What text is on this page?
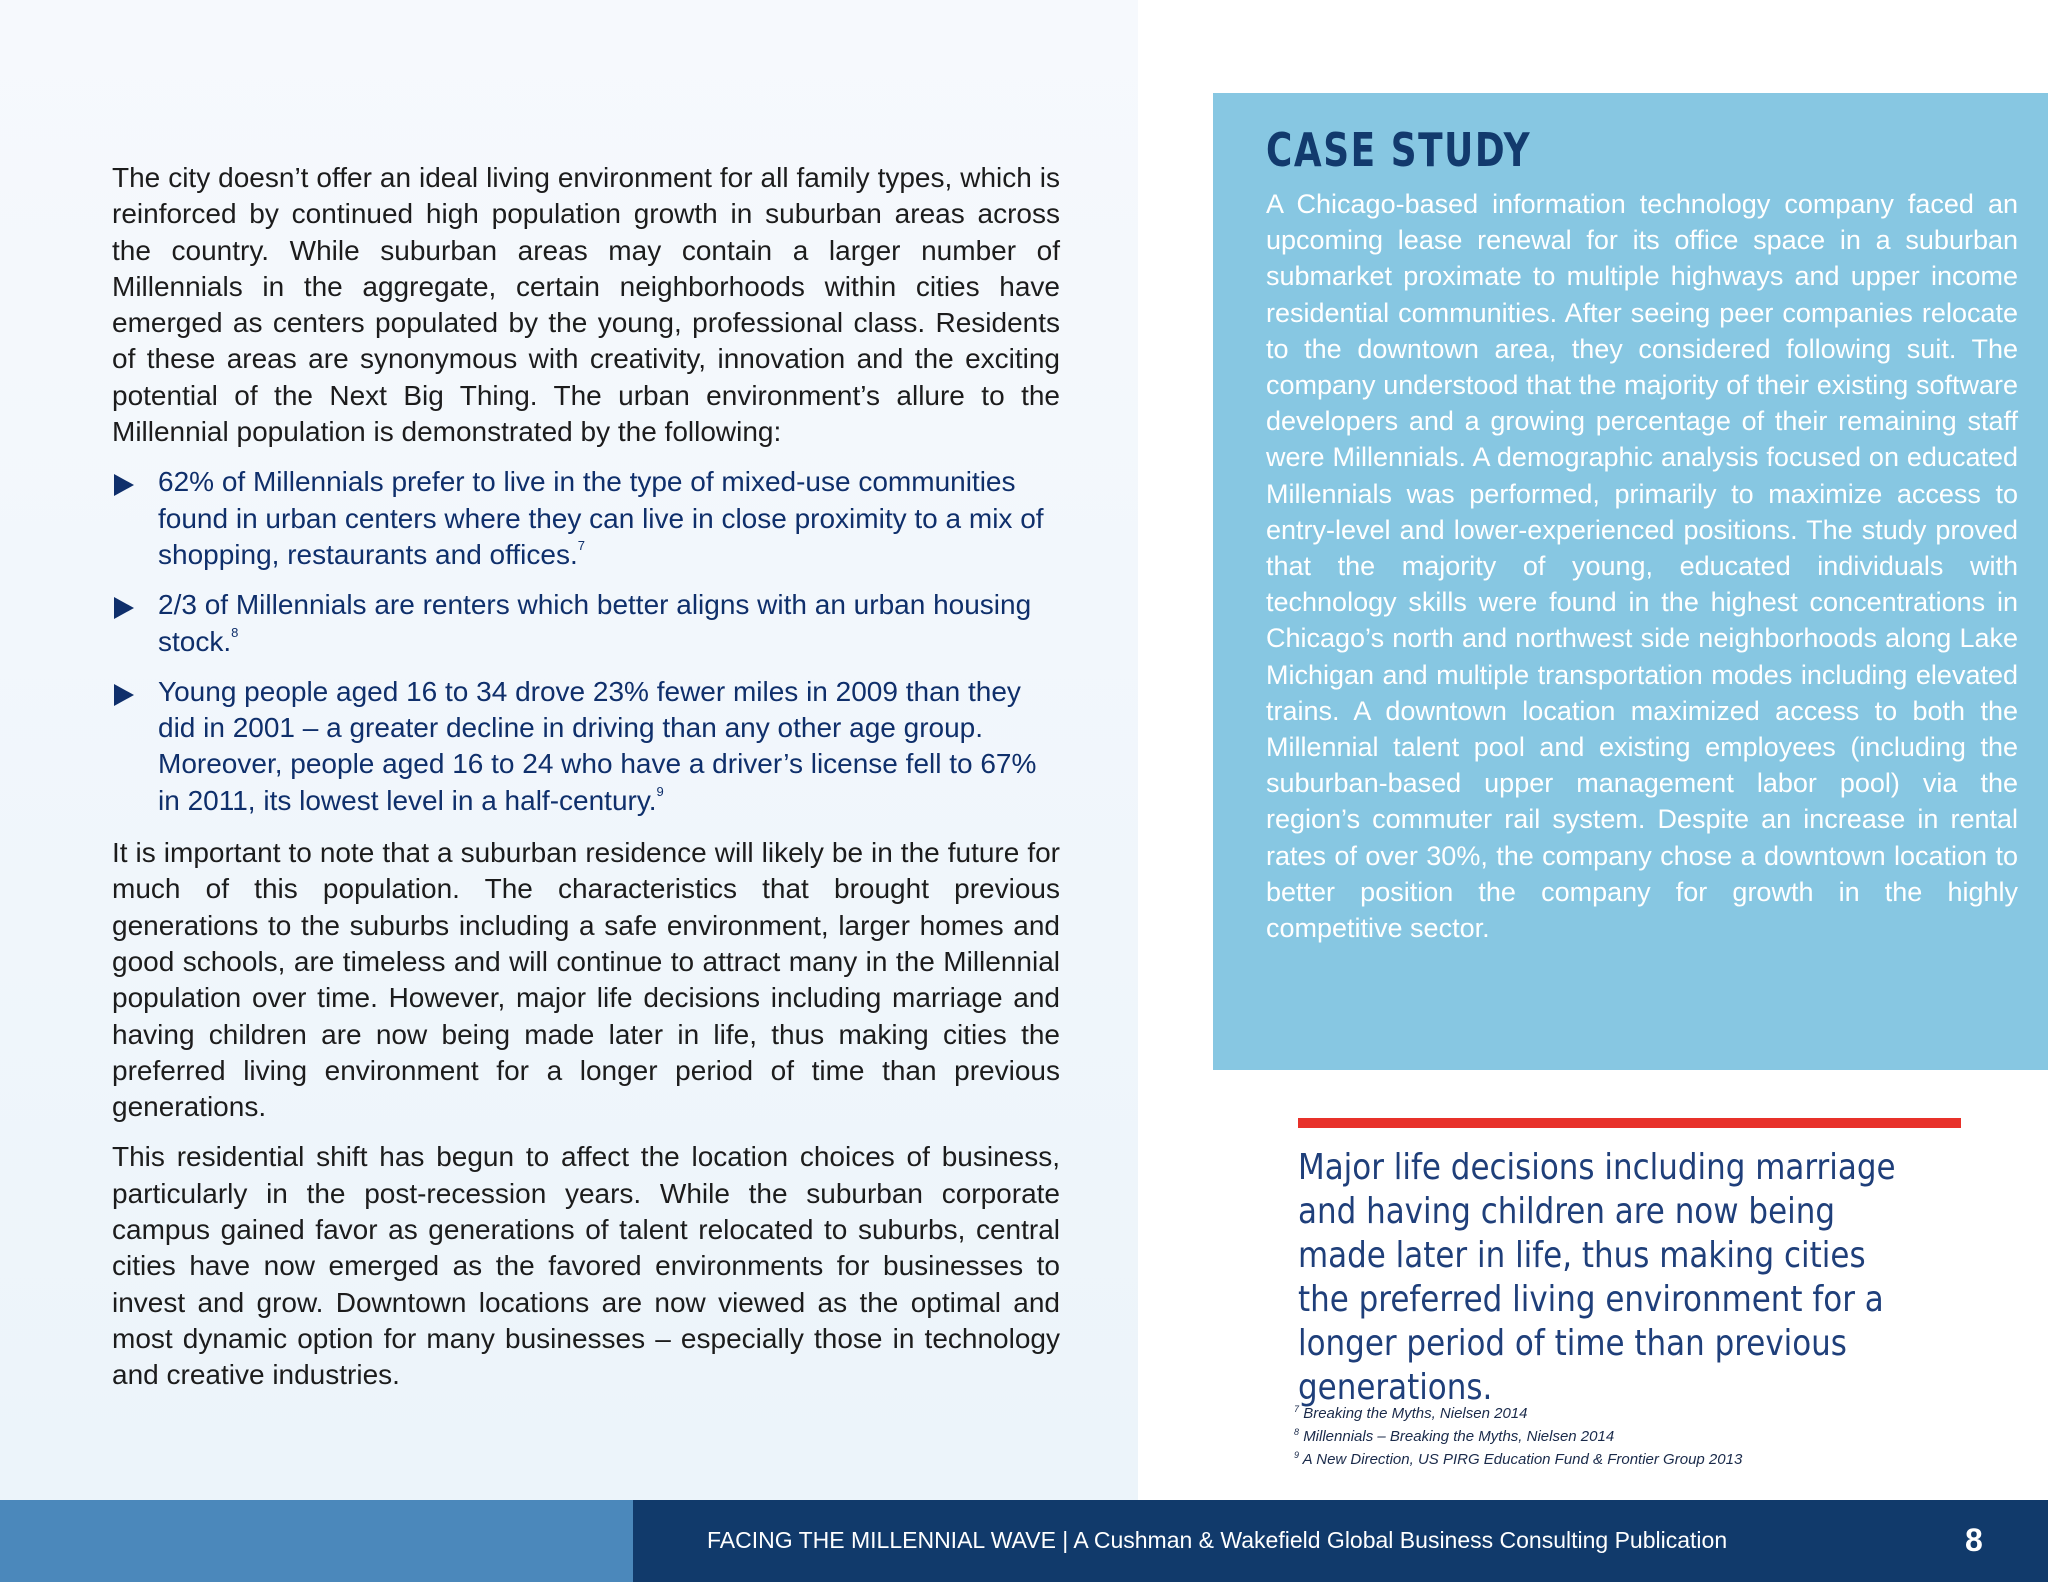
The city doesn’t offer an ideal living environment for all family types, which is reinforced by continued high population growth in suburban areas across the country. While suburban areas may contain a larger number of Millennials in the aggregate, certain neighborhoods within cities have emerged as centers populated by the young, professional class. Residents of these areas are synonymous with creativity, innovation and the exciting potential of the Next Big Thing. The urban environment’s allure to the Millennial population is demonstrated by the following:

62% of Millennials prefer to live in the type of mixed-use communities found in urban centers where they can live in close proximity to a mix of shopping, restaurants and offices.$^7$
2/3 of Millennials are renters which better aligns with an urban housing stock.$^8$
Young people aged 16 to 34 drove 23% fewer miles in 2009 than they did in 2001 – a greater decline in driving than any other age group. Moreover, people aged 16 to 24 who have a driver’s license fell to 67% in 2011, its lowest level in a half-century.$^9$

It is important to note that a suburban residence will likely be in the future for much of this population. The characteristics that brought previous generations to the suburbs including a safe environment, larger homes and good schools, are timeless and will continue to attract many in the Millennial population over time. However, major life decisions including marriage and having children are now being made later in life, thus making cities the preferred living environment for a longer period of time than previous generations.

This residential shift has begun to affect the location choices of business, particularly in the post-recession years. While the suburban corporate campus gained favor as generations of talent relocated to suburbs, central cities have now emerged as the favored environments for businesses to invest and grow. Downtown locations are now viewed as the optimal and most dynamic option for many businesses – especially those in technology and creative industries.

CASE STUDY

A Chicago-based information technology company faced an upcoming lease renewal for its office space in a suburban submarket proximate to multiple highways and upper income residential communities. After seeing peer companies relocate to the downtown area, they considered following suit. The company understood that the majority of their existing software developers and a growing percentage of their remaining staff were Millennials. A demographic analysis focused on educated Millennials was performed, primarily to maximize access to entry-level and lower-experienced positions. The study proved that the majority of young, educated individuals with technology skills were found in the highest concentrations in Chicago’s north and northwest side neighborhoods along Lake Michigan and multiple transportation modes including elevated trains. A downtown location maximized access to both the Millennial talent pool and existing employees (including the suburban-based upper management labor pool) via the region’s commuter rail system. Despite an increase in rental rates of over 30%, the company chose a downtown location to better position the company for growth in the highly competitive sector.

Major life decisions including marriage and having children are now being made later in life, thus making cities the preferred living environment for a longer period of time than previous generations.

$^7$ Breaking the Myths, Nielsen 2014
$^8$ Millennials – Breaking the Myths, Nielsen 2014
$^9$ A New Direction, US PIRG Education Fund & Frontier Group 2013
FACING THE MILLENNIAL WAVE | A Cushman & Wakefield Global Business Consulting Publication	8
